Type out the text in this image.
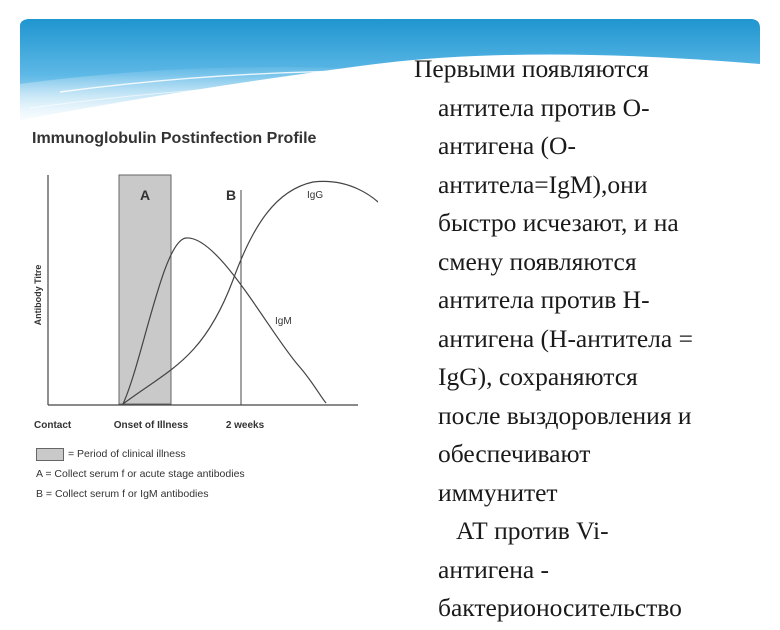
Immunoglobulin Postinfection Profile
Antibody Titre
A	B	IgG
IgM
Contact	Onset of Illness	2 weeks
= Period of clinical illness
A = Collect serum f or acute stage antibodies
B = Collect serum f or IgM antibodies
Первыми появляются
антитела против О-
антигена (О-
антитела=IgM),они
быстро исчезают, и на
смену появляются
антитела против Н-
антигена (Н-антитела =
IgG), сохраняются
после выздоровления и
обеспечивают
иммунитет
АТ против Vi-
антигена -
бактерионосительство
